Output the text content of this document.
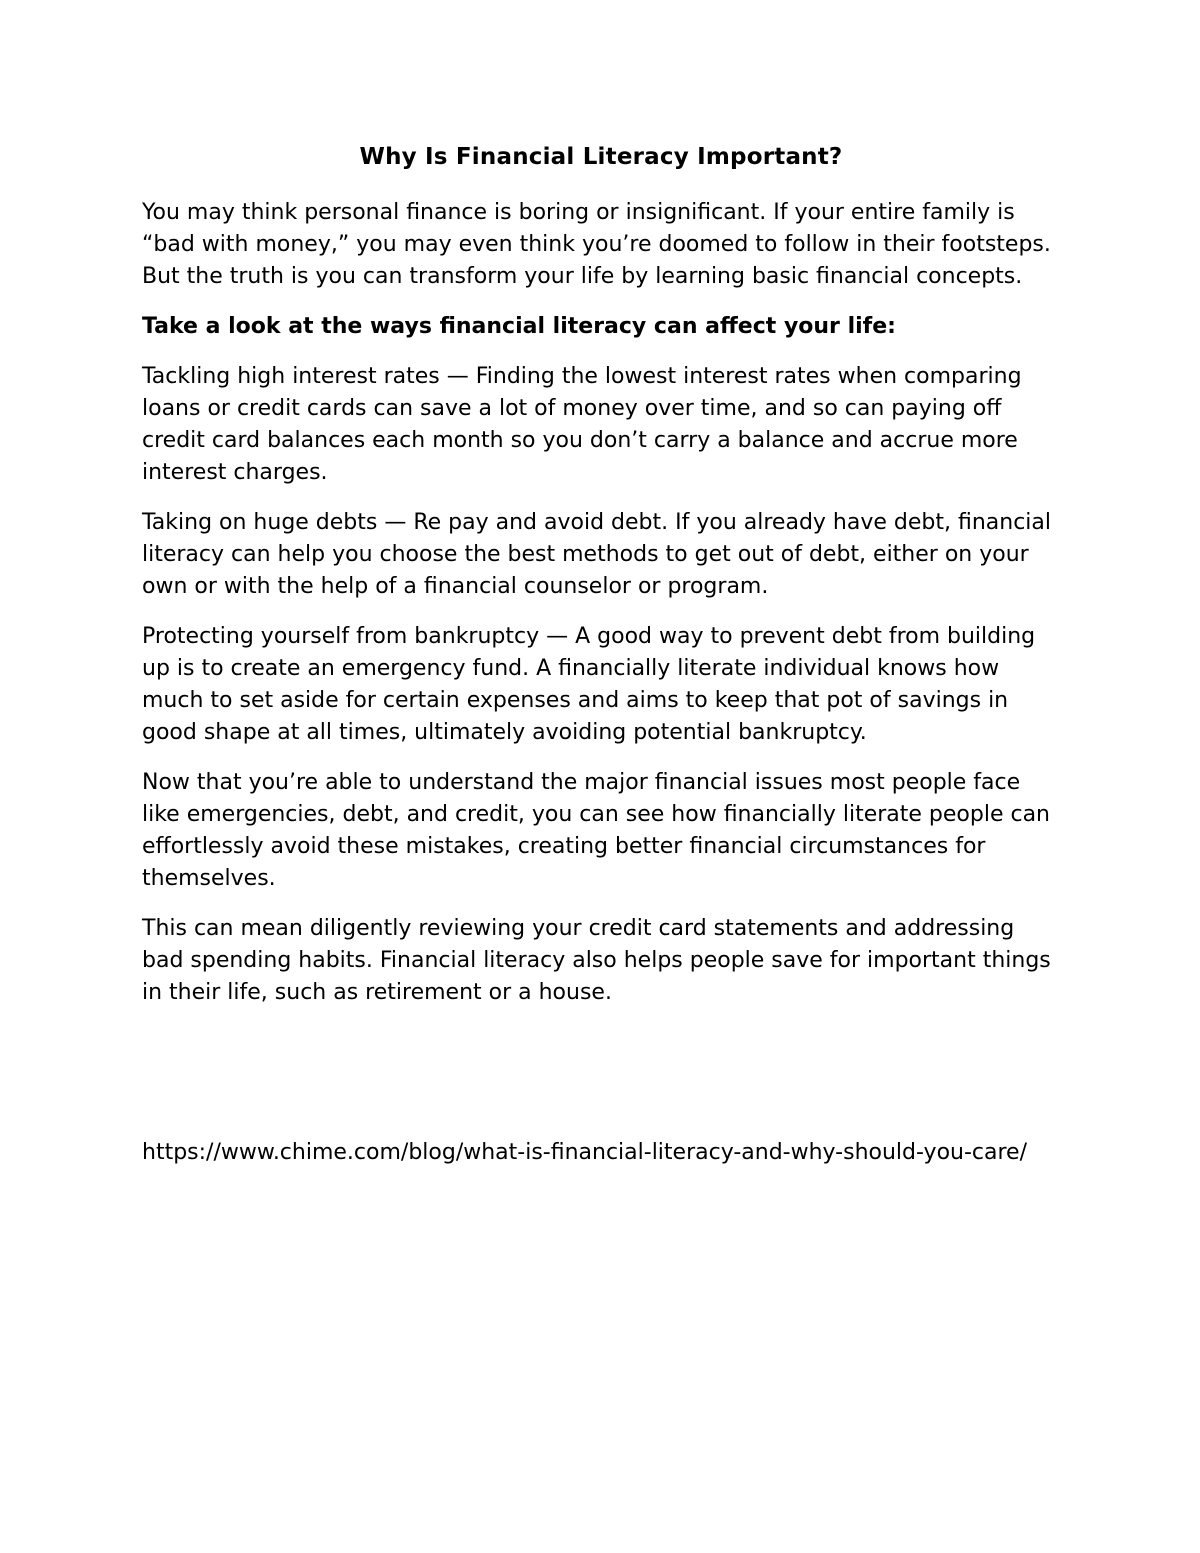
Why Is Financial Literacy Important?

You may think personal finance is boring or insignificant. If your entire family is “bad with money,” you may even think you’re doomed to follow in their footsteps. But the truth is you can transform your life by learning basic financial concepts.

Take a look at the ways financial literacy can affect your life:

Tackling high interest rates — Finding the lowest interest rates when comparing loans or credit cards can save a lot of money over time, and so can paying off credit card balances each month so you don’t carry a balance and accrue more interest charges.

Taking on huge debts — Re pay and avoid debt. If you already have debt, financial literacy can help you choose the best methods to get out of debt, either on your own or with the help of a financial counselor or program.

Protecting yourself from bankruptcy — A good way to prevent debt from building up is to create an emergency fund. A financially literate individual knows how much to set aside for certain expenses and aims to keep that pot of savings in good shape at all times, ultimately avoiding potential bankruptcy.

Now that you’re able to understand the major financial issues most people face like emergencies, debt, and credit, you can see how financially literate people can effortlessly avoid these mistakes, creating better financial circumstances for themselves.

This can mean diligently reviewing your credit card statements and addressing bad spending habits. Financial literacy also helps people save for important things in their life, such as retirement or a house.

https://www.chime.com/blog/what-is-financial-literacy-and-why-should-you-care/
